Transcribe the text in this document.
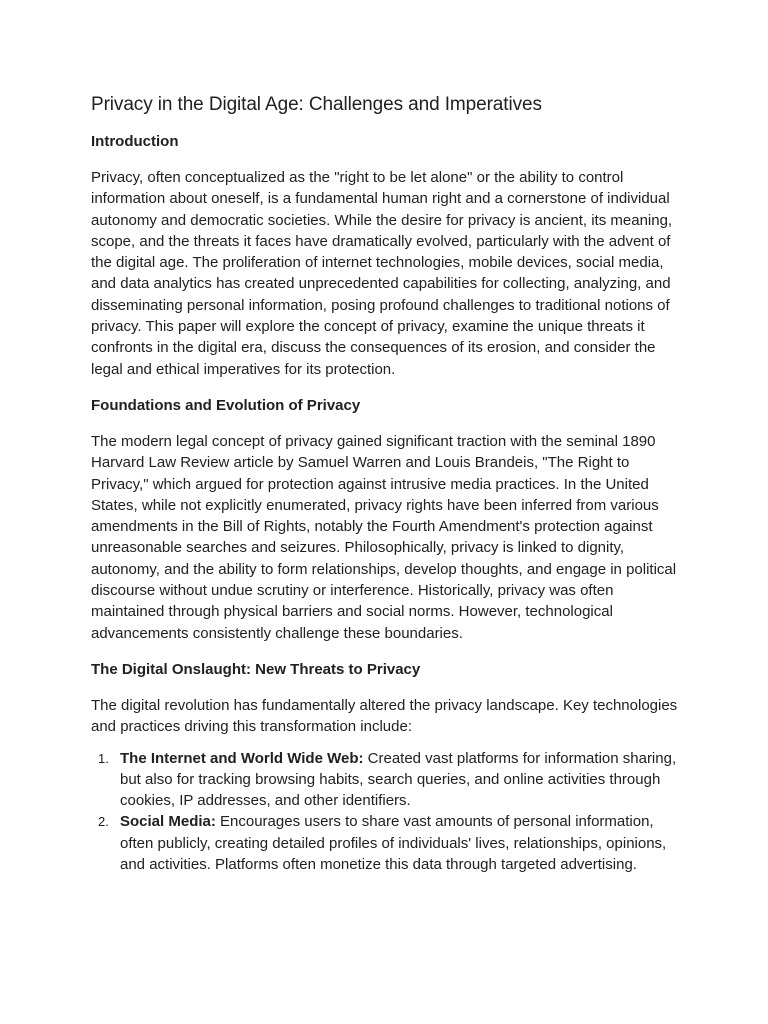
Privacy in the Digital Age: Challenges and Imperatives
Introduction

Privacy, often conceptualized as the "right to be let alone" or the ability to control information about oneself, is a fundamental human right and a cornerstone of individual autonomy and democratic societies. While the desire for privacy is ancient, its meaning, scope, and the threats it faces have dramatically evolved, particularly with the advent of the digital age. The proliferation of internet technologies, mobile devices, social media, and data analytics has created unprecedented capabilities for collecting, analyzing, and disseminating personal information, posing profound challenges to traditional notions of privacy. This paper will explore the concept of privacy, examine the unique threats it confronts in the digital era, discuss the consequences of its erosion, and consider the legal and ethical imperatives for its protection.

Foundations and Evolution of Privacy

The modern legal concept of privacy gained significant traction with the seminal 1890 Harvard Law Review article by Samuel Warren and Louis Brandeis, "The Right to Privacy," which argued for protection against intrusive media practices. In the United States, while not explicitly enumerated, privacy rights have been inferred from various amendments in the Bill of Rights, notably the Fourth Amendment's protection against unreasonable searches and seizures. Philosophically, privacy is linked to dignity, autonomy, and the ability to form relationships, develop thoughts, and engage in political discourse without undue scrutiny or interference. Historically, privacy was often maintained through physical barriers and social norms. However, technological advancements consistently challenge these boundaries.

The Digital Onslaught: New Threats to Privacy

The digital revolution has fundamentally altered the privacy landscape. Key technologies and practices driving this transformation include:

1. The Internet and World Wide Web: Created vast platforms for information sharing, but also for tracking browsing habits, search queries, and online activities through cookies, IP addresses, and other identifiers.
2. Social Media: Encourages users to share vast amounts of personal information, often publicly, creating detailed profiles of individuals' lives, relationships, opinions, and activities. Platforms often monetize this data through targeted advertising.
